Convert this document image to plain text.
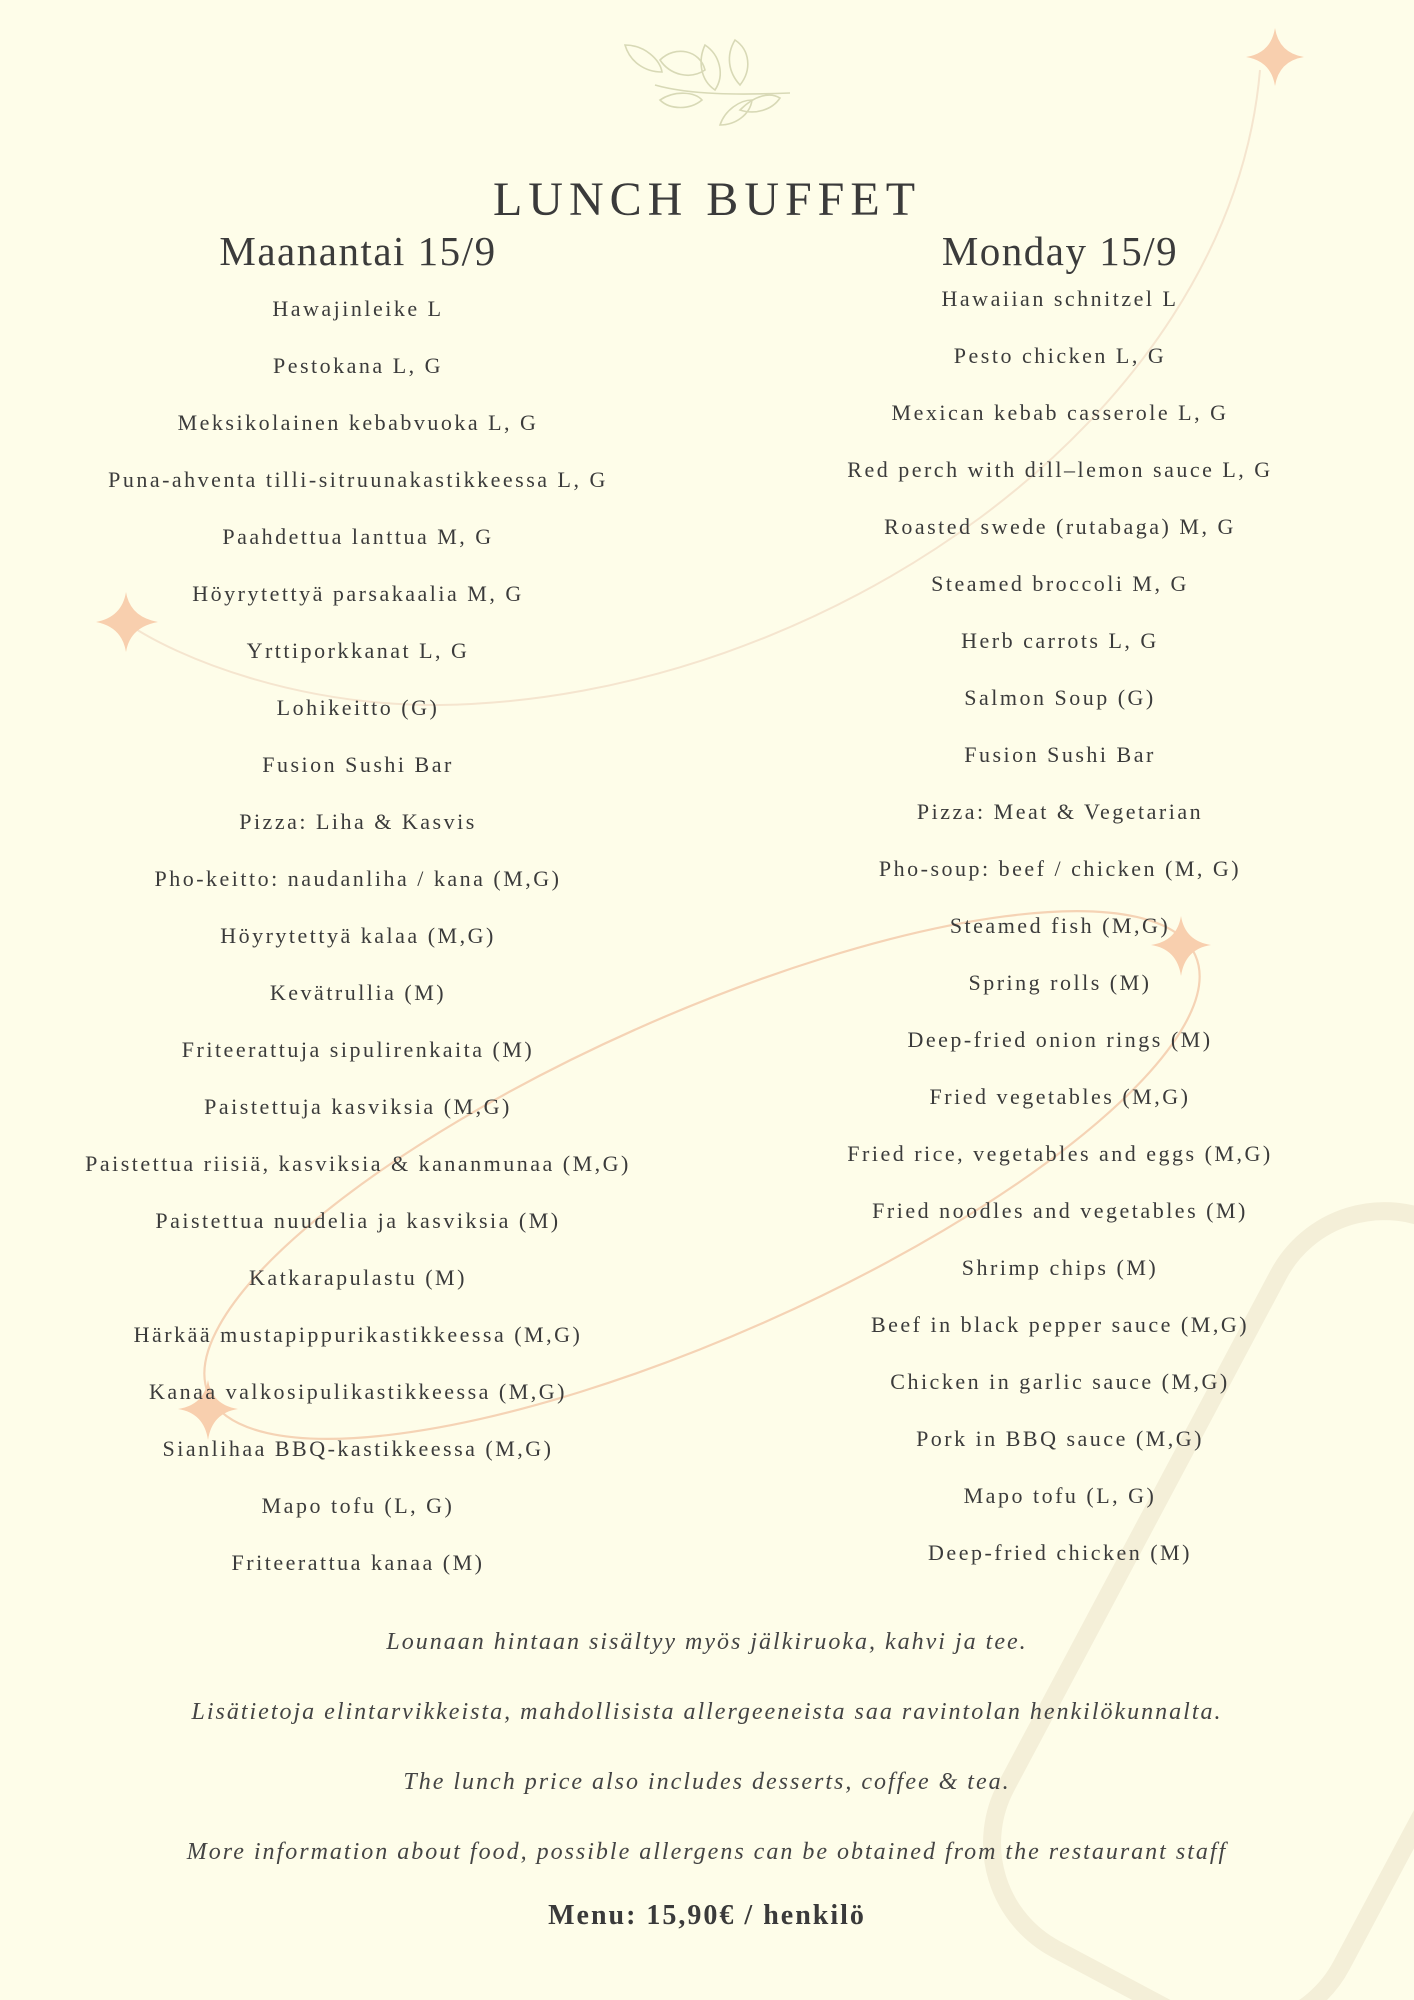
LUNCH BUFFET
Maanantai 15/9
Hawajinleike L
Pestokana L, G
Meksikolainen kebabvuoka L, G
Puna-ahventa tilli-sitruunakastikkeessa L, G
Paahdettua lanttua M, G
Höyrytettyä parsakaalia M, G
Yrttiporkkanat L, G
Lohikeitto (G)
Fusion Sushi Bar
Pizza: Liha & Kasvis
Pho-keitto: naudanliha / kana (M,G)
Höyrytettyä kalaa (M,G)
Kevätrullia (M)
Friteerattuja sipulirenkaita (M)
Paistettuja kasviksia (M,G)
Paistettua riisiä, kasviksia & kananmunaa (M,G)
Paistettua nuudelia ja kasviksia (M)
Katkarapulastu (M)
Härkää mustapippurikastikkeessa (M,G)
Kanaa valkosipulikastikkeessa (M,G)
Sianlihaa BBQ-kastikkeessa (M,G)
Mapo tofu (L, G)
Friteerattua kanaa (M)
Monday 15/9
Hawaiian schnitzel L
Pesto chicken L, G
Mexican kebab casserole L, G
Red perch with dill–lemon sauce L, G
Roasted swede (rutabaga) M, G
Steamed broccoli M, G
Herb carrots L, G
Salmon Soup (G)
Fusion Sushi Bar
Pizza: Meat & Vegetarian
Pho-soup: beef / chicken (M, G)
Steamed fish (M,G)
Spring rolls (M)
Deep-fried onion rings (M)
Fried vegetables (M,G)
Fried rice, vegetables and eggs (M,G)
Fried noodles and vegetables (M)
Shrimp chips (M)
Beef in black pepper sauce (M,G)
Chicken in garlic sauce (M,G)
Pork in BBQ sauce (M,G)
Mapo tofu (L, G)
Deep-fried chicken (M)

Lounaan hintaan sisältyy myös jälkiruoka, kahvi ja tee.

Lisätietoja elintarvikkeista, mahdollisista allergeeneista saa ravintolan henkilökunnalta.

The lunch price also includes desserts, coffee & tea.

More information about food, possible allergens can be obtained from the restaurant staff

Menu: 15,90€ / henkilö
